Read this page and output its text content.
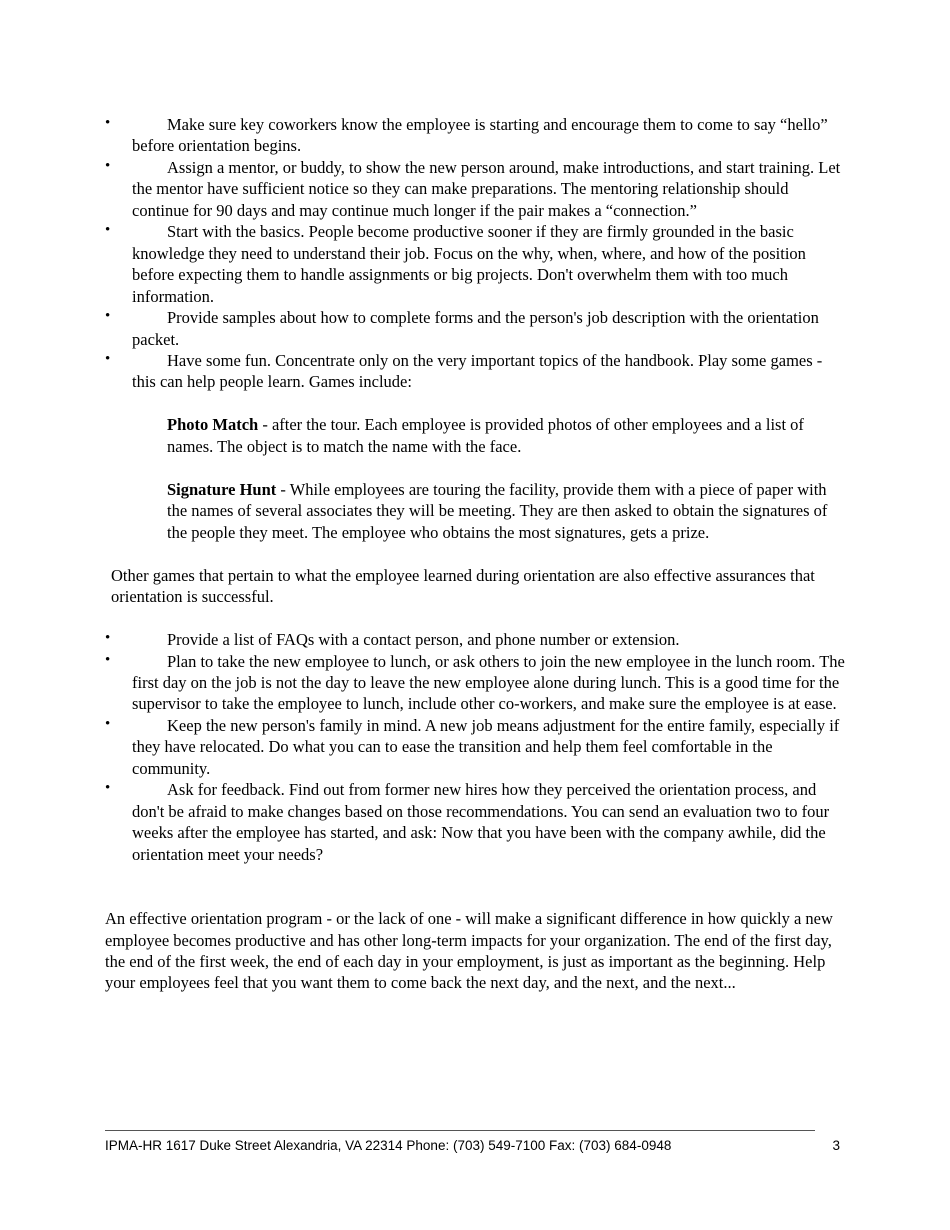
•	Make sure key coworkers know the employee is starting and encourage them to come to say “hello” before orientation begins.
•	Assign a mentor, or buddy, to show the new person around, make introductions, and start training. Let the mentor have sufficient notice so they can make preparations. The mentoring relationship should continue for 90 days and may continue much longer if the pair makes a “connection.”
•	Start with the basics. People become productive sooner if they are firmly grounded in the basic knowledge they need to understand their job. Focus on the why, when, where, and how of the position before expecting them to handle assignments or big projects. Don't overwhelm them with too much information.
•	Provide samples about how to complete forms and the person's job description with the orientation packet.
•	Have some fun. Concentrate only on the very important topics of the handbook. Play some games - this can help people learn. Games include:
Photo Match - after the tour. Each employee is provided photos of other employees and a list of names. The object is to match the name with the face.
Signature Hunt - While employees are touring the facility, provide them with a piece of paper with the names of several associates they will be meeting. They are then asked to obtain the signatures of the people they meet. The employee who obtains the most signatures, gets a prize.

Other games that pertain to what the employee learned during orientation are also effective assurances that orientation is successful.

•	Provide a list of FAQs with a contact person, and phone number or extension.
•	Plan to take the new employee to lunch, or ask others to join the new employee in the lunch room. The first day on the job is not the day to leave the new employee alone during lunch. This is a good time for the supervisor to take the employee to lunch, include other co-workers, and make sure the employee is at ease.
•	Keep the new person's family in mind. A new job means adjustment for the entire family, especially if they have relocated. Do what you can to ease the transition and help them feel comfortable in the community.
•	Ask for feedback. Find out from former new hires how they perceived the orientation process, and don't be afraid to make changes based on those recommendations. You can send an evaluation two to four weeks after the employee has started, and ask: Now that you have been with the company awhile, did the orientation meet your needs?

An effective orientation program - or the lack of one - will make a significant difference in how quickly a new employee becomes productive and has other long-term impacts for your organization. The end of the first day, the end of the first week, the end of each day in your employment, is just as important as the beginning. Help your employees feel that you want them to come back the next day, and the next, and the next...

IPMA-HR 1617 Duke Street Alexandria, VA 22314 Phone: (703) 549-7100 Fax: (703) 684-0948	3
